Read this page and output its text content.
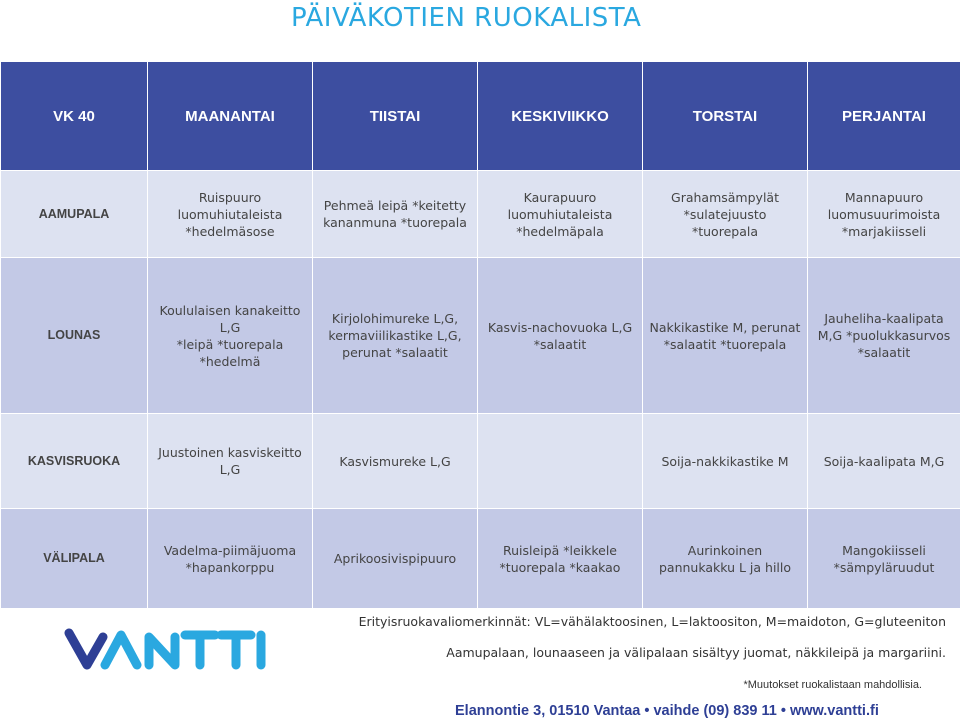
PÄIVÄKOTIEN RUOKALISTA
VK 40	MAANANTAI	TIISTAI	KESKIVIIKKO	TORSTAI	PERJANTAI
AAMUPALA	Ruispuuro
luomuhiutaleista
*hedelmäsose	Pehmeä leipä *keitetty
kananmuna *tuorepala	Kaurapuuro
luomuhiutaleista
*hedelmäpala	Grahamsämpylät
*sulatejuusto
*tuorepala	Mannapuuro
luomusuurimoista
*marjakiisseli

LOUNAS	Koululaisen kanakeitto L,G
*leipä *tuorepala
*hedelmä	Kirjolohimureke L,G,
kermaviilikastike L,G,
perunat *salaatit	Kasvis-nachovuoka L,G
*salaatit	Nakkikastike M, perunat
*salaatit *tuorepala	Jauheliha-kaalipata
M,G *puolukkasurvos
*salaatit

KASVISRUOKA	Juustoinen kasviskeitto
L,G	Kasvismureke L,G		Soija-nakkikastike M	Soija-kaalipata M,G

VÄLIPALA	Vadelma-piimäjuoma
*hapankorppu	Aprikoosivispipuuro	Ruisleipä *leikkele
*tuorepala *kaakao	Aurinkoinen
pannukakku L ja hillo	Mangokiisseli
*sämpyläruudut
Erityisruokavaliomerkinnät: VL=vähälaktoosinen, L=laktoositon, M=maidoton, G=gluteeniton
Aamupalaan, lounaaseen ja välipalaan sisältyy juomat, näkkileipä ja margariini.
*Muutokset ruokalistaan mahdollisia.
Elannontie 3, 01510 Vantaa • vaihde (09) 839 11 • www.vantti.fi
